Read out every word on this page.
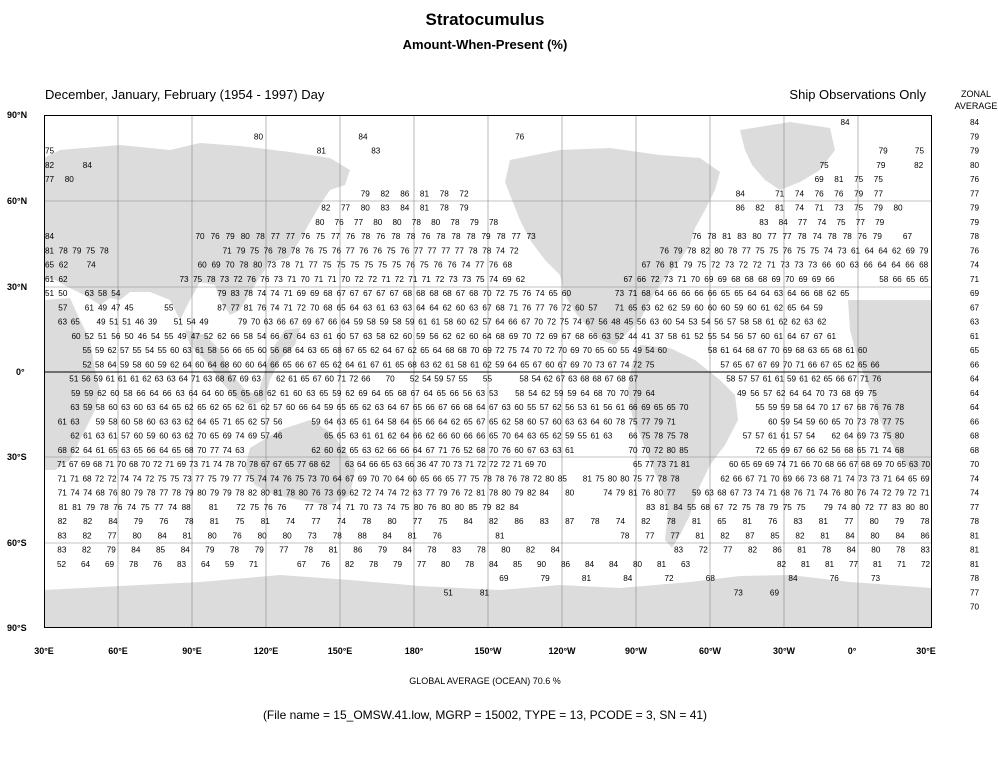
Stratocumulus
Amount-When-Present (%)
December, January, February (1954 - 1997) Day	Ship Observations Only	ZONAL
AVERAGE
84
80	84	76
75	81	83	79	75
82	84	75	79	82
77 80	69 81 75 75
79 82 86 81 78 72	84	71 74 76 76 79 77
82 77 80 83 84 81 78 79	86 82 81 74 71 73 75 79 80
80 76 77 80 80 78 80 78 79 78	83 84 77 74 75 77 79
84	70 76 79 80 78 77 77 76 75 77 76 78 76 78 78 76 78 78 78 79 78 77 73	76 78 81 83 80 77 77 78 74 78 78 76 79	67
81 78 79 75 78	71 79 75 76 78 78 76 75 76 77 76 76 75 76 77 77 77 77 78 78 74 72	76 79 78 82 80 78 77 75 75 76 75 75 74 73 61 64 64 62 69 79
65 62 74	60 69 70 78 80 73 78 71 77 75 75 75 75 75 75 76 75 76 76 74 77 76 68	67 76 81 79 75 72 73 72 72 71 73 73 73 66 60 63 66 64 64 66 68
61 62	73 75 78 73 72 76 76 73 71 70 71 71 70 72 72 71 72 71 71 72 73 73 75 74 69 62	67 66 72 73 71 70 69 69 68 68 68 69 70 69 69 66	58 66 65 65
51 50 63 58 54	79 83 78 74 74 71 69 69 68 67 67 67 67 67 68 68 68 68 67 68 70 72 75 76 74 65 60	73 71 68 64 66 66 66 66 65 65 64 64 63 64 66 68 62 65
57 61 49 47 45	55	87 77 81 76 74 71 72 70 68 65 64 63 61 63 63 64 64 62 60 63 67 68 71 76 77 76 72 60 57 71 65 63 62 62 59 60 60 60 59 60 61 62 65 64 59
63 65 49 51 51 46 39 51 54 49	79 70 63 66 67 69 67 66 64 59 58 59 58 59 61 61 58 60 62 57 64 66 67 70 72 75 74 67 56 48 45 56 63 60 54 53 54 56 57 58 58 61 62 62 63 62
60 52 51 56 50 46 54 55 49 47 52 62 66 58 54 66 67 64 63 61 60 57 63 58 62 60 59 56 62 62 60 64 68 69 70 72 69 67 68 66 63 52 44 41 37 58 61 52 55 54 56 57 60 61 64 67 67 61
55 59 62 57 55 54 55 60 63 61 58 56 66 65 60 56 68 64 63 65 68 67 65 62 64 67 62 65 64 68 68 70 69 72 75 74 70 72 70 69 70 65 60 55 49 54 60	58 61 64 68 67 70 69 68 63 65 68 61 60
52 58 64 59 58 60 59 62 64 60 64 68 60 60 64 66 65 66 67 65 62 64 61 67 61 65 68 63 62 61 58 61 62 59 64 65 67 60 67 69 70 73 67 74 72 75	57 65 67 67 69 70 71 66 67 65 62 65 66
51 56 59 61 61 61 62 63 63 64 71 63 68 67 69 63 62 61 65 67 60 71 72 66 70 52 54 59 57 55 55	58 54 62 67 63 68 68 67 68 67	58 57 57 61 61 59 61 62 65 66 67 71 76
59 59 62 60 58 66 64 66 63 64 64 60 65 65 68 62 61 60 63 65 59 62 69 64 65 68 67 64 65 66 56 63 53 58 54 62 59 59 64 68 70 70 79 64	49 56 57 62 64 64 70 73 68 69 75
63 59 58 60 63 60 63 64 65 62 65 62 65 62 61 62 57 60 66 64 59 65 65 62 63 64 67 65 66 67 66 68 64 67 63 60 55 57 62 56 53 61 56 61 66 69 65 65 70	55 59 59 58 64 70 17 67 68 76 76 78
61 63 59 58 60 58 60 63 63 62 64 65 71 65 62 57 56	59 64 63 65 61 64 58 64 65 66 64 62 65 67 65 62 58 60 57 60 63 63 64 60 78 75 77 79 71	60 59 54 59 60 65 70 73 78 77 75
62 61 63 61 57 60 59 60 63 62 70 65 69 74 69 57 46	65 65 63 61 61 62 64 66 62 66 60 66 66 65 70 64 63 65 62 59 55 61 63 66 75 78 75 78	57 57 61 61 57 54 62 64 69 73 75 80
68 62 64 61 65 63 65 66 64 65 68 70 77 74 63	62 60 62 65 63 62 66 66 64 67 71 76 52 68 70 76 60 67 63 63 61	70 70 72 80 85	72 65 69 67 66 62 56 68 65 71 74 68
71 67 69 68 71 70 68 70 72 71 69 73 71 74 78 70 78 67 67 65 77 68 62 63 64 66 65 63 66 36 47 70 73 71 72 72 72 71 69 70	65 77 73 71 81	60 65 69 69 74 71 66 70 68 66 67 68 69 70 65 63 70
71 71 68 72 72 74 74 72 75 75 73 77 75 79 77 75 74 74 76 75 73 70 64 67 69 70 70 64 60 65 66 65 77 75 78 78 76 78 72 80 85 81 75 80 80 75 77 78 78	62 66 67 71 70 69 66 73 68 71 74 73 73 71 64 65 69
71 74 74 68 76 80 79 78 77 78 79 80 79 79 78 82 80 81 78 80 76 73 69 62 72 74 74 72 63 77 79 76 72 81 78 80 79 82 84 80	74 79 81 76 80 77 59 63 68 67 73 74 71 68 76 71 74 76 80 76 74 72 79 72 71
81 81 79 78 76 74 75 77 74 88 81 72 75 76 76 77 78 74 71 70 73 74 75 80 76 80 80 85 79 82 84	83 81 84 55 68 67 72 75 78 79 75 75 79 74 80 72 77 83 80 80
82 82 84 79 76 78 81 75 81 74 77 74 78 80 77 75 84 82 86 83 87 78 74 82 78 81 65 81 76 83 81 77 80 79 78
83 82 77 80 84 81 80 76 80 80 73 78 88 84 81 76	81	78 77 77 81 82 87 85 82 81 84 80 84 86
83 82 79 84 85 84 79 78 79 77 78 81 86 79 84 78 83 78 80 82 84	83 72 77 82 86 81 78 84 80 78 83
52 64 69 78 76 83 64 59 71	67 76 82 78 79 77 80 78 84 85 90 86 84 84 80 81 63	82 81 81 77 81 71 72
69	79	81	84	72	68	84	76	73
51	81	73	69
84
79
79
80
76
77
79
79
78
76
74
71
69
67
63
61
65
66
64
64
64
66
68
68
70
74
74
77
78
81
81
81
78
77
70
90°N
60°N
30°N
0°
30°S
60°S
90°S
30°E	60°E	90°E	120°E	150°E	180°	150°W	120°W	90°W	60°W	30°W	0°	30°E
GLOBAL AVERAGE (OCEAN) 70.6 %
(File name = 15_OMSW.41.low, MGRP = 15002, TYPE = 13, PCODE = 3, SN = 41)
